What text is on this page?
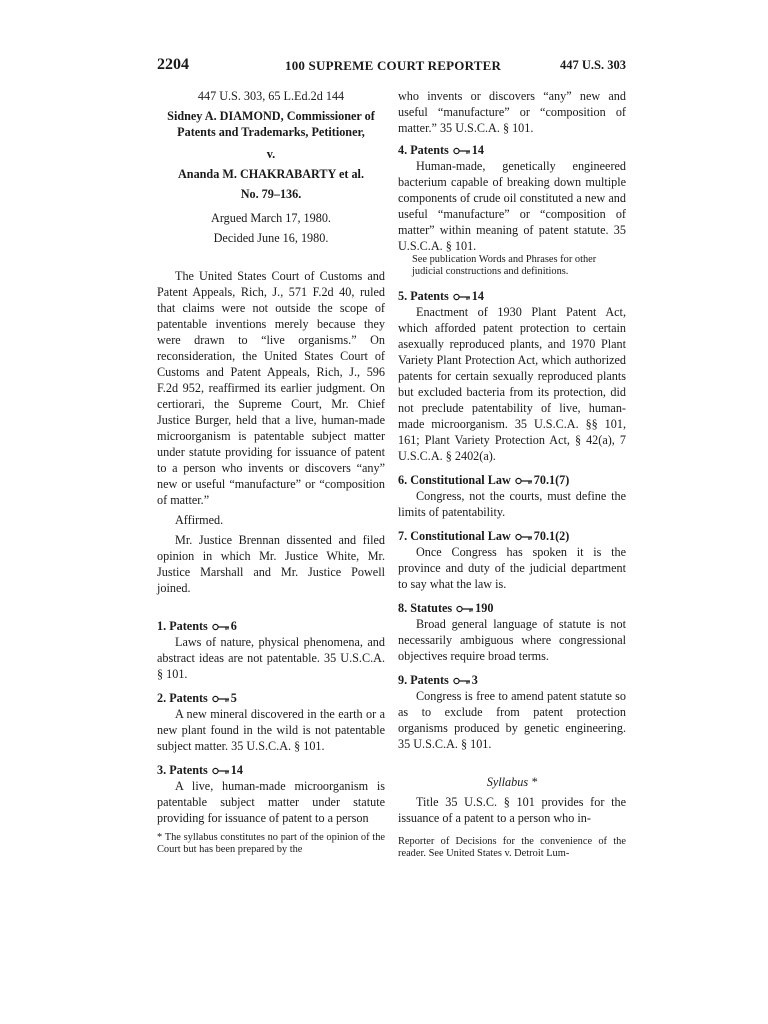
2204	100 SUPREME COURT REPORTER	447 U.S. 303

447 U.S. 303, 65 L.Ed.2d 144

Sidney A. DIAMOND, Commissioner of Patents and Trademarks, Petitioner,

v.

Ananda M. CHAKRABARTY et al.

No. 79–136.

Argued March 17, 1980.

Decided June 16, 1980.

The United States Court of Customs and Patent Appeals, Rich, J., 571 F.2d 40, ruled that claims were not outside the scope of patentable inventions merely because they were drawn to “live organisms.” On reconsideration, the United States Court of Customs and Patent Appeals, Rich, J., 596 F.2d 952, reaffirmed its earlier judgment. On certiorari, the Supreme Court, Mr. Chief Justice Burger, held that a live, human-made microorganism is patentable subject matter under statute providing for issuance of patent to a person who invents or discovers “any” new or useful “manufacture” or “composition of matter.”

Affirmed.

Mr. Justice Brennan dissented and filed opinion in which Mr. Justice White, Mr. Justice Marshall and Mr. Justice Powell joined.

1. Patents 6

Laws of nature, physical phenomena, and abstract ideas are not patentable. 35 U.S.C.A. § 101.

2. Patents 5

A new mineral discovered in the earth or a new plant found in the wild is not patentable subject matter. 35 U.S.C.A. § 101.

3. Patents 14

A live, human-made microorganism is patentable subject matter under statute providing for issuance of patent to a person

* The syllabus constitutes no part of the opinion of the Court but has been prepared by the

who invents or discovers “any” new and useful “manufacture” or “composition of matter.” 35 U.S.C.A. § 101.

4. Patents 14

Human-made, genetically engineered bacterium capable of breaking down multiple components of crude oil constituted a new and useful “manufacture” or “composition of matter” within meaning of patent statute. 35 U.S.C.A. § 101.

See publication Words and Phrases for other judicial constructions and definitions.

5. Patents 14

Enactment of 1930 Plant Patent Act, which afforded patent protection to certain asexually reproduced plants, and 1970 Plant Variety Plant Protection Act, which authorized patents for certain sexually reproduced plants but excluded bacteria from its protection, did not preclude patentability of live, human-made microorganism. 35 U.S.C.A. §§ 101, 161; Plant Variety Protection Act, § 42(a), 7 U.S.C.A. § 2402(a).

6. Constitutional Law 70.1(7)

Congress, not the courts, must define the limits of patentability.

7. Constitutional Law 70.1(2)

Once Congress has spoken it is the province and duty of the judicial department to say what the law is.

8. Statutes 190

Broad general language of statute is not necessarily ambiguous where congressional objectives require broad terms.

9. Patents 3

Congress is free to amend patent statute so as to exclude from patent protection organisms produced by genetic engineering. 35 U.S.C.A. § 101.

Syllabus *

Title 35 U.S.C. § 101 provides for the issuance of a patent to a person who in-

Reporter of Decisions for the convenience of the reader. See United States v. Detroit Lum-
